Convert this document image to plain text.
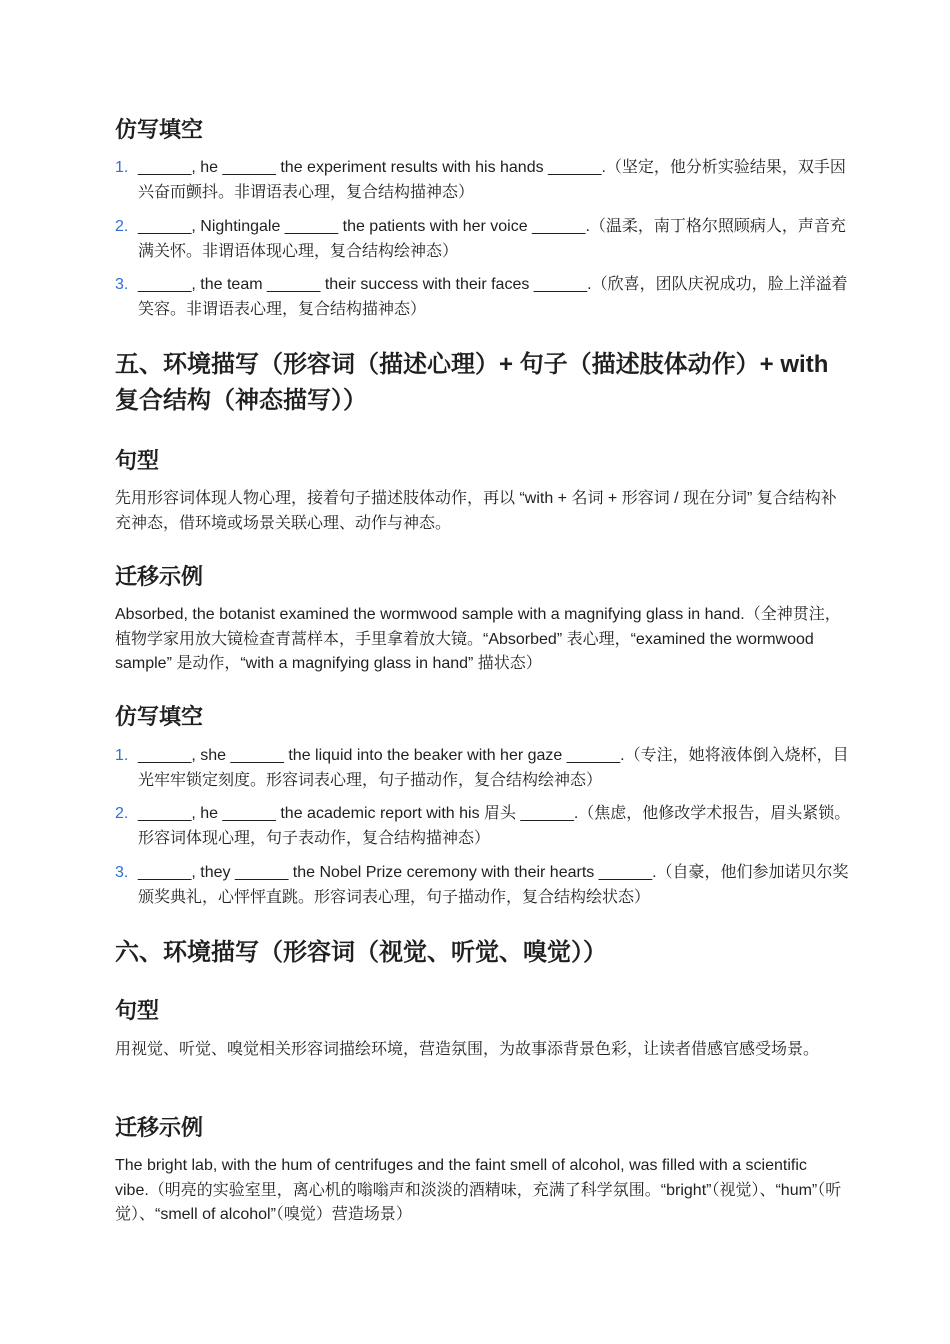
仿写填空
1. ______, he ______ the experiment results with his hands ______.（坚定，他分析实验结果，双手因兴奋而颤抖。非谓语表心理，复合结构描神态）
2. ______, Nightingale ______ the patients with her voice ______.（温柔，南丁格尔照顾病人，声音充满关怀。非谓语体现心理，复合结构绘神态）
3. ______, the team ______ their success with their faces ______.（欣喜，团队庆祝成功，脸上洋溢着笑容。非谓语表心理，复合结构描神态）
五、环境描写（形容词（描述心理）+ 句子（描述肢体动作）+ with 复合结构（神态描写））
句型
先用形容词体现人物心理，接着句子描述肢体动作，再以 “with + 名词 + 形容词 / 现在分词” 复合结构补充神态，借环境或场景关联心理、动作与神态。
迁移示例
Absorbed, the botanist examined the wormwood sample with a magnifying glass in hand.（全神贯注，植物学家用放大镜检查青蒿样本，手里拿着放大镜。“Absorbed” 表心理，“examined the wormwood sample” 是动作，“with a magnifying glass in hand” 描状态）
仿写填空
1. ______, she ______ the liquid into the beaker with her gaze ______.（专注，她将液体倒入烧杯，目光牢牢锁定刻度。形容词表心理，句子描动作，复合结构绘神态）
2. ______, he ______ the academic report with his 眉头 ______.（焦虑，他修改学术报告，眉头紧锁。形容词体现心理，句子表动作，复合结构描神态）
3. ______, they ______ the Nobel Prize ceremony with their hearts ______.（自豪，他们参加诺贝尔奖颁奖典礼，心怦怦直跳。形容词表心理，句子描动作，复合结构绘状态）
六、环境描写（形容词（视觉、听觉、嗅觉））
句型
用视觉、听觉、嗅觉相关形容词描绘环境，营造氛围，为故事添背景色彩，让读者借感官感受场景。
迁移示例
The bright lab, with the hum of centrifuges and the faint smell of alcohol, was filled with a scientific vibe.（明亮的实验室里，离心机的嗡嗡声和淡淡的酒精味，充满了科学氛围。“bright”（视觉）、“hum”（听觉）、“smell of alcohol”（嗅觉）营造场景）
